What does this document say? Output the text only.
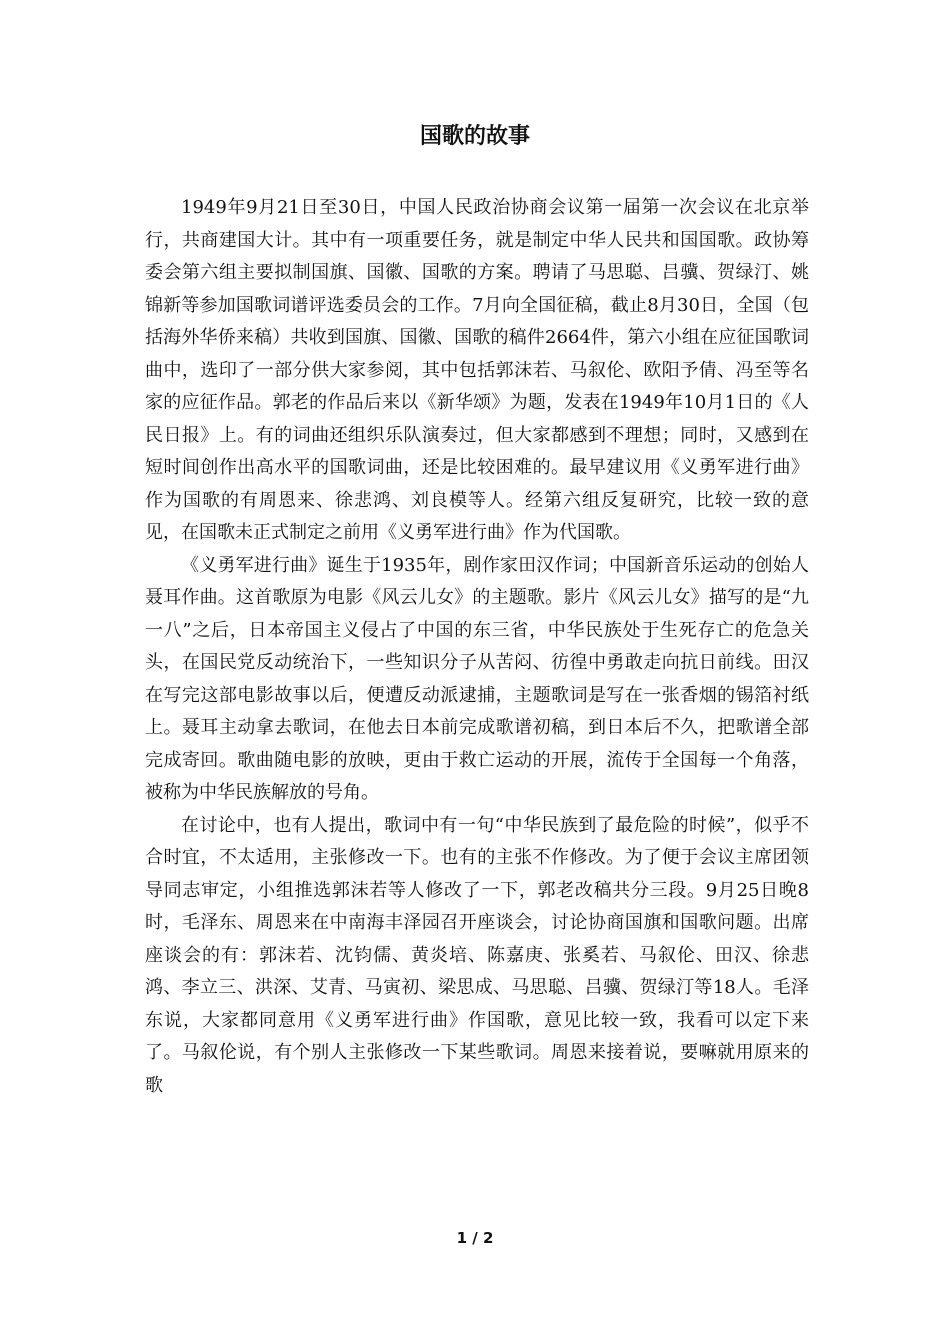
国歌的故事

1949年9月21日至30日，中国人民政治协商会议第一届第一次会议在北京举行，共商建国大计。其中有一项重要任务，就是制定中华人民共和国国歌。政协筹委会第六组主要拟制国旗、国徽、国歌的方案。聘请了马思聪、吕骥、贺绿汀、姚锦新等参加国歌词谱评选委员会的工作。7月向全国征稿，截止8月30日，全国（包括海外华侨来稿）共收到国旗、国徽、国歌的稿件2664件，第六小组在应征国歌词曲中，选印了一部分供大家参阅，其中包括郭沫若、马叙伦、欧阳予倩、冯至等名家的应征作品。郭老的作品后来以《新华颂》为题，发表在1949年10月1日的《人民日报》上。有的词曲还组织乐队演奏过，但大家都感到不理想；同时，又感到在短时间创作出高水平的国歌词曲，还是比较困难的。最早建议用《义勇军进行曲》作为国歌的有周恩来、徐悲鸿、刘良模等人。经第六组反复研究，比较一致的意见，在国歌未正式制定之前用《义勇军进行曲》作为代国歌。

《义勇军进行曲》诞生于1935年，剧作家田汉作词；中国新音乐运动的创始人聂耳作曲。这首歌原为电影《风云儿女》的主题歌。影片《风云儿女》描写的是“九一八”之后，日本帝国主义侵占了中国的东三省，中华民族处于生死存亡的危急关头，在国民党反动统治下，一些知识分子从苦闷、彷徨中勇敢走向抗日前线。田汉在写完这部电影故事以后，便遭反动派逮捕，主题歌词是写在一张香烟的锡箔衬纸上。聂耳主动拿去歌词，在他去日本前完成歌谱初稿，到日本后不久，把歌谱全部完成寄回。歌曲随电影的放映，更由于救亡运动的开展，流传于全国每一个角落，被称为中华民族解放的号角。

在讨论中，也有人提出，歌词中有一句“中华民族到了最危险的时候”，似乎不合时宜，不太适用，主张修改一下。也有的主张不作修改。为了便于会议主席团领导同志审定，小组推选郭沫若等人修改了一下，郭老改稿共分三段。9月25日晚8时，毛泽东、周恩来在中南海丰泽园召开座谈会，讨论协商国旗和国歌问题。出席座谈会的有：郭沫若、沈钧儒、黄炎培、陈嘉庚、张奚若、马叙伦、田汉、徐悲鸿、李立三、洪深、艾青、马寅初、梁思成、马思聪、吕骥、贺绿汀等18人。毛泽东说，大家都同意用《义勇军进行曲》作国歌，意见比较一致，我看可以定下来了。马叙伦说，有个别人主张修改一下某些歌词。周恩来接着说，要嘛就用原来的歌

1 / 2
